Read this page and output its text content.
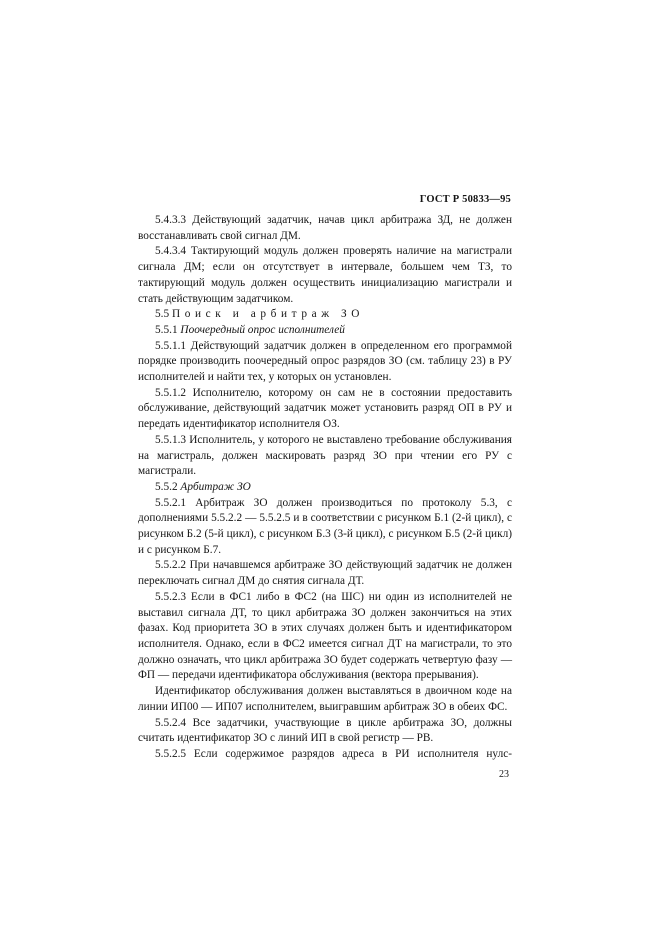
ГОСТ Р 50833—95

5.4.3.3 Действующий задатчик, начав цикл арбитража ЗД, не должен восстанавливать свой сигнал ДМ.

5.4.3.4 Тактирующий модуль должен проверять наличие на магистрали сигнала ДМ; если он отсутствует в интервале, большем чем ТЗ, то тактирующий модуль должен осуществить инициализацию магистрали и стать действующим задатчиком.

5.5 Поиск и арбитраж ЗО

5.5.1 Поочередный опрос исполнителей

5.5.1.1 Действующий задатчик должен в определенном его программой порядке производить поочередный опрос разрядов ЗО (см. таблицу 23) в РУ исполнителей и найти тех, у которых он установлен.

5.5.1.2 Исполнителю, которому он сам не в состоянии предоставить обслуживание, действующий задатчик может установить разряд ОП в РУ и передать идентификатор исполнителя ОЗ.

5.5.1.3 Исполнитель, у которого не выставлено требование обслуживания на магистраль, должен маскировать разряд ЗО при чтении его РУ с магистрали.

5.5.2 Арбитраж ЗО

5.5.2.1 Арбитраж ЗО должен производиться по протоколу 5.3, с дополнениями 5.5.2.2 — 5.5.2.5 и в соответствии с рисунком Б.1 (2-й цикл), с рисунком Б.2 (5-й цикл), с рисунком Б.3 (3-й цикл), с рисунком Б.5 (2-й цикл) и с рисунком Б.7.

5.5.2.2 При начавшемся арбитраже ЗО действующий задатчик не должен переключать сигнал ДМ до снятия сигнала ДТ.

5.5.2.3 Если в ФС1 либо в ФС2 (на ШС) ни один из исполнителей не выставил сигнала ДТ, то цикл арбитража ЗО должен закончиться на этих фазах. Код приоритета ЗО в этих случаях должен быть и идентификатором исполнителя. Однако, если в ФС2 имеется сигнал ДТ на магистрали, то это должно означать, что цикл арбитража ЗО будет содержать четвертую фазу — ФП — передачи идентификатора обслуживания (вектора прерывания).

Идентификатор обслуживания должен выставляться в двоичном коде на линии ИП00 — ИП07 исполнителем, выигравшим арбитраж ЗО в обеих ФС.

5.5.2.4 Все задатчики, участвующие в цикле арбитража ЗО, должны считать идентификатор ЗО с линий ИП в свой регистр — РВ.

5.5.2.5 Если содержимое разрядов адреса в РИ исполнителя нулс-

23
